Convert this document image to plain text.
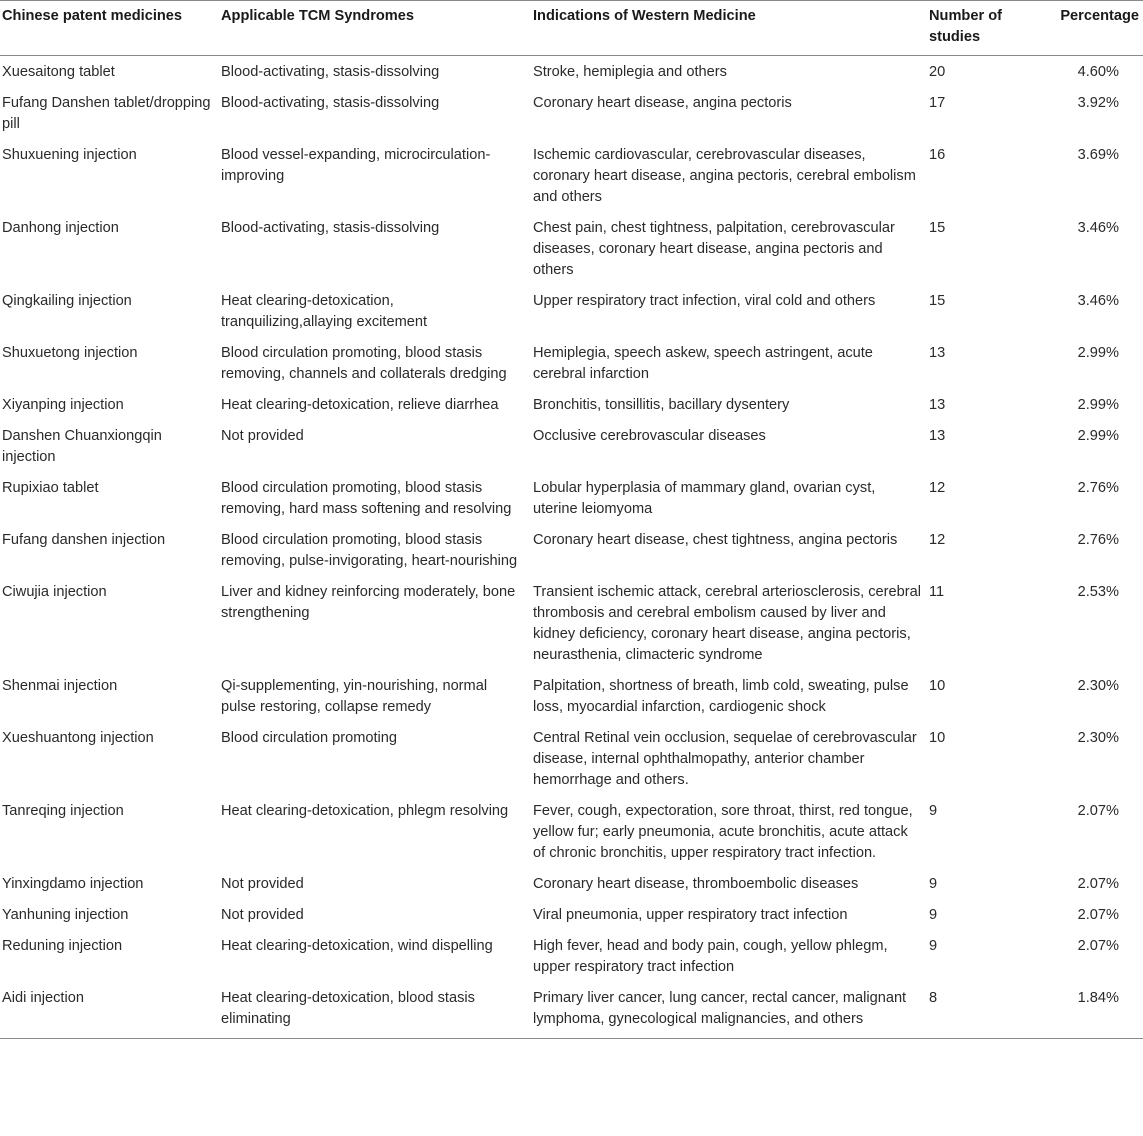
Chinese patent medicines	Applicable TCM Syndromes	Indications of Western Medicine	Number of studies	Percentage
Xuesaitong tablet	Blood-activating, stasis-dissolving	Stroke, hemiplegia and others	20	4.60%
Fufang Danshen tablet/dropping pill	Blood-activating, stasis-dissolving	Coronary heart disease, angina pectoris	17	3.92%
Shuxuening injection	Blood vessel-expanding, microcirculation-improving	Ischemic cardiovascular, cerebrovascular diseases, coronary heart disease, angina pectoris, cerebral embolism and others	16	3.69%
Danhong injection	Blood-activating, stasis-dissolving	Chest pain, chest tightness, palpitation, cerebrovascular diseases, coronary heart disease, angina pectoris and others	15	3.46%
Qingkailing injection	Heat clearing-detoxication, tranquilizing,allaying excitement	Upper respiratory tract infection, viral cold and others	15	3.46%
Shuxuetong injection	Blood circulation promoting, blood stasis removing, channels and collaterals dredging	Hemiplegia, speech askew, speech astringent, acute cerebral infarction	13	2.99%
Xiyanping injection	Heat clearing-detoxication, relieve diarrhea	Bronchitis, tonsillitis, bacillary dysentery	13	2.99%
Danshen Chuanxiongqin injection	Not provided	Occlusive cerebrovascular diseases	13	2.99%
Rupixiao tablet	Blood circulation promoting, blood stasis removing, hard mass softening and resolving	Lobular hyperplasia of mammary gland, ovarian cyst, uterine leiomyoma	12	2.76%
Fufang danshen injection	Blood circulation promoting, blood stasis removing, pulse-invigorating, heart-nourishing	Coronary heart disease, chest tightness, angina pectoris	12	2.76%
Ciwujia injection	Liver and kidney reinforcing moderately, bone strengthening	Transient ischemic attack, cerebral arteriosclerosis, cerebral thrombosis and cerebral embolism caused by liver and kidney deficiency, coronary heart disease, angina pectoris, neurasthenia, climacteric syndrome	11	2.53%
Shenmai injection	Qi-supplementing, yin-nourishing, normal pulse restoring, collapse remedy	Palpitation, shortness of breath, limb cold, sweating, pulse loss, myocardial infarction, cardiogenic shock	10	2.30%
Xueshuantong injection	Blood circulation promoting	Central Retinal vein occlusion, sequelae of cerebrovascular disease, internal ophthalmopathy, anterior chamber hemorrhage and others.	10	2.30%
Tanreqing injection	Heat clearing-detoxication, phlegm resolving	Fever, cough, expectoration, sore throat, thirst, red tongue, yellow fur; early pneumonia, acute bronchitis, acute attack of chronic bronchitis, upper respiratory tract infection.	9	2.07%
Yinxingdamo injection	Not provided	Coronary heart disease, thromboembolic diseases	9	2.07%
Yanhuning injection	Not provided	Viral pneumonia, upper respiratory tract infection	9	2.07%
Reduning injection	Heat clearing-detoxication, wind dispelling	High fever, head and body pain, cough, yellow phlegm, upper respiratory tract infection	9	2.07%
Aidi injection	Heat clearing-detoxication, blood stasis eliminating	Primary liver cancer, lung cancer, rectal cancer, malignant lymphoma, gynecological malignancies, and others	8	1.84%
